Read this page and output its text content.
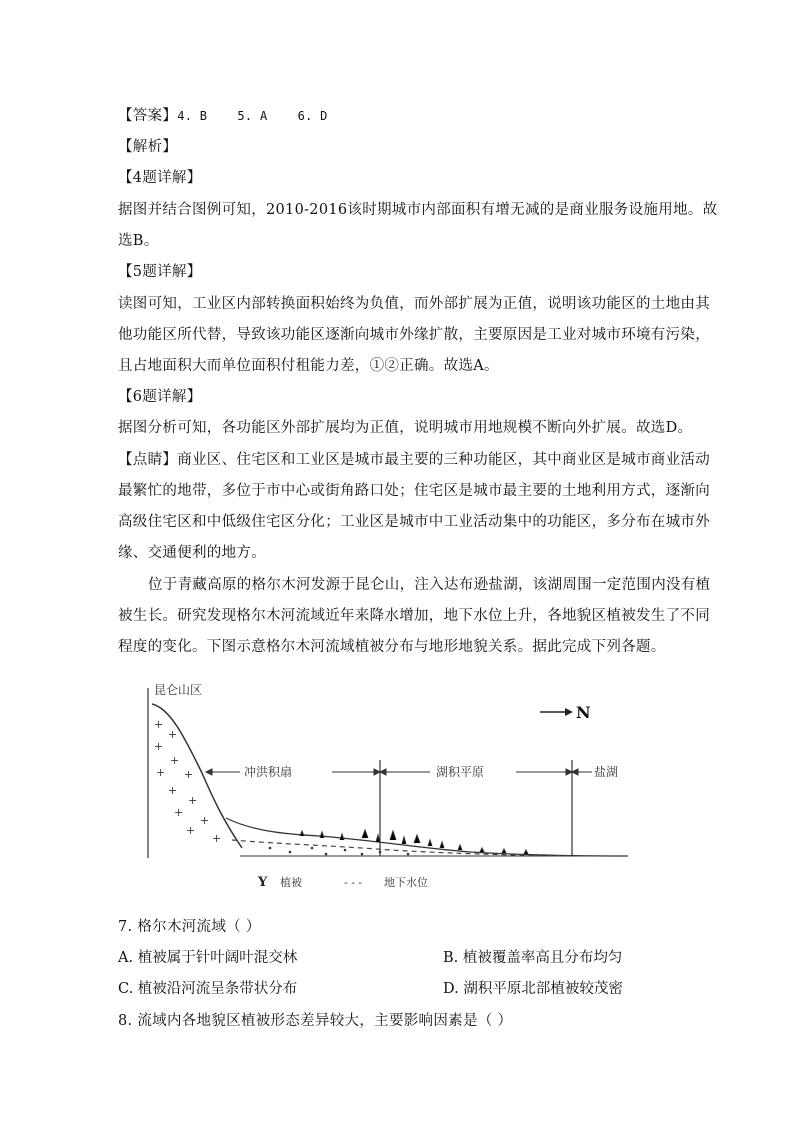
【答案】4. B    5. A    6. D
【解析】
【4题详解】
据图并结合图例可知，2010-2016该时期城市内部面积有增无减的是商业服务设施用地。故
选B。
【5题详解】
读图可知，工业区内部转换面积始终为负值，而外部扩展为正值，说明该功能区的土地由其
他功能区所代替，导致该功能区逐渐向城市外缘扩散，主要原因是工业对城市环境有污染，
且占地面积大而单位面积付租能力差，①②正确。故选A。
【6题详解】
据图分析可知，各功能区外部扩展均为正值，说明城市用地规模不断向外扩展。故选D。
【点睛】商业区、住宅区和工业区是城市最主要的三种功能区，其中商业区是城市商业活动
最繁忙的地带，多位于市中心或街角路口处；住宅区是城市最主要的土地利用方式，逐渐向
高级住宅区和中低级住宅区分化；工业区是城市中工业活动集中的功能区，多分布在城市外
缘、交通便利的地方。
位于青藏高原的格尔木河发源于昆仑山，注入达布逊盐湖，该湖周围一定范围内没有植
被生长。研究发现格尔木河流域近年来降水增加，地下水位上升，各地貌区植被发生了不同
程度的变化。下图示意格尔木河流域植被分布与地形地貌关系。据此完成下列各题。
昆仑山区
N
+
+
+
+
+ +
+
+
+
+
+
+
冲洪积扇	湖积平原	盐湖
Y 植被	- - - 地下水位
7. 格尔木河流域（ ）
A. 植被属于针叶阔叶混交林	B. 植被覆盖率高且分布均匀
C. 植被沿河流呈条带状分布	D. 湖积平原北部植被较茂密
8. 流域内各地貌区植被形态差异较大，主要影响因素是（ ）
